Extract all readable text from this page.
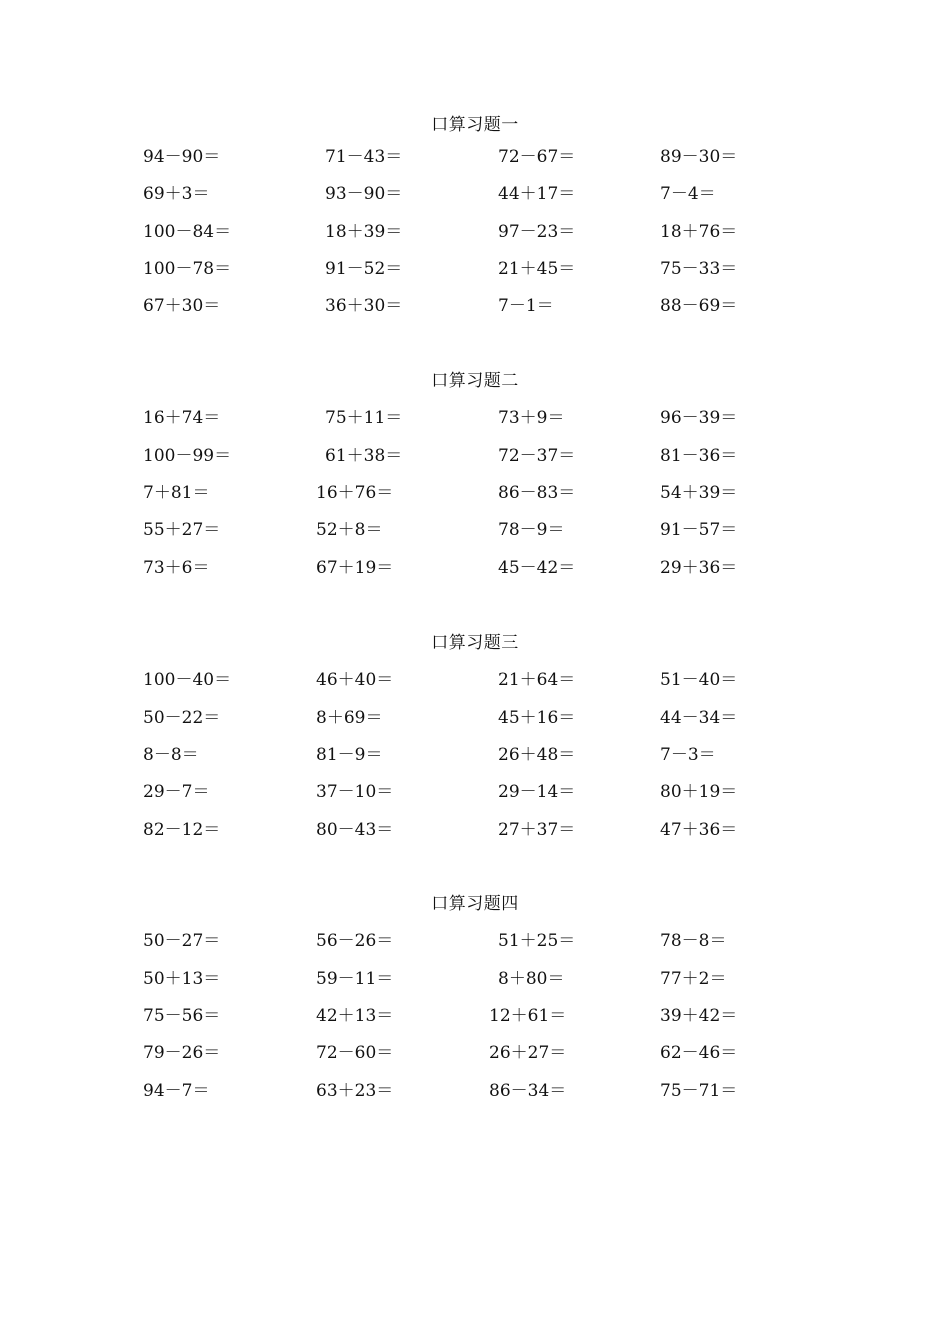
口算习题一
94－90＝	71－43＝	72－67＝	89－30＝
69＋3＝	93－90＝	44＋17＝	7－4＝
100－84＝	18＋39＝	97－23＝	18＋76＝
100－78＝	91－52＝	21＋45＝	75－33＝
67＋30＝	36＋30＝	7－1＝	88－69＝
口算习题二
16＋74＝	75＋11＝	73＋9＝	96－39＝
100－99＝	61＋38＝	72－37＝	81－36＝
7＋81＝	16＋76＝	86－83＝	54＋39＝
55＋27＝	52＋8＝	78－9＝	91－57＝
73＋6＝	67＋19＝	45－42＝	29＋36＝
口算习题三
100－40＝	46＋40＝	21＋64＝	51－40＝
50－22＝	8＋69＝	45＋16＝	44－34＝
8－8＝	81－9＝	26＋48＝	7－3＝
29－7＝	37－10＝	29－14＝	80＋19＝
82－12＝	80－43＝	27＋37＝	47＋36＝
口算习题四
50－27＝	56－26＝	51＋25＝	78－8＝
50＋13＝	59－11＝	8＋80＝	77＋2＝
75－56＝	42＋13＝	12＋61＝	39＋42＝
79－26＝	72－60＝	26＋27＝	62－46＝
94－7＝	63＋23＝	86－34＝	75－71＝
